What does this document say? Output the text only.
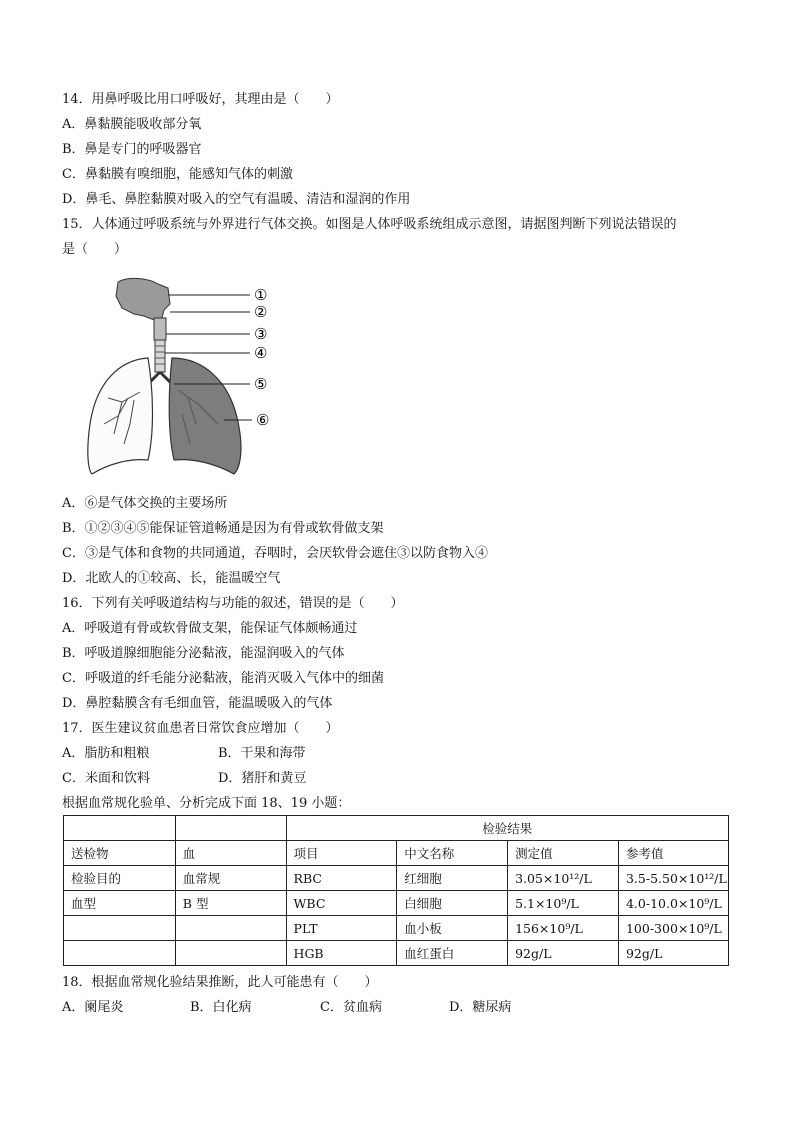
14．用鼻呼吸比用口呼吸好，其理由是（　　）
A．鼻黏膜能吸收部分氧
B．鼻是专门的呼吸器官
C．鼻黏膜有嗅细胞，能感知气体的刺激
D．鼻毛、鼻腔黏膜对吸入的空气有温暖、清洁和湿润的作用
15．人体通过呼吸系统与外界进行气体交换。如图是人体呼吸系统组成示意图，请据图判断下列说法错误的
是（　　）
①
②
③
④
⑤
⑥
A．⑥是气体交换的主要场所
B．①②③④⑤能保证管道畅通是因为有骨或软骨做支架
C．③是气体和食物的共同通道，吞咽时，会厌软骨会遮住③以防食物入④
D．北欧人的①较高、长，能温暖空气
16．下列有关呼吸道结构与功能的叙述，错误的是（　　）
A．呼吸道有骨或软骨做支架，能保证气体颇畅通过
B．呼吸道腺细胞能分泌黏液，能湿润吸入的气体
C．呼吸道的纤毛能分泌黏液，能消灭吸入气体中的细菌
D．鼻腔黏膜含有毛细血管，能温暖吸入的气体
17．医生建议贫血患者日常饮食应增加（　　）
A．脂肪和粗粮	B．干果和海带
C．米面和饮料	D．猪肝和黄豆
根据血常规化验单、分析完成下面 18、19 小题：
		检验结果			
送检物	血	项目	中文名称	测定值	参考值
检验目的	血常规	RBC	红细胞	3.05×10¹²/L	3.5-5.50×10¹²/L
血型	B 型	WBC	白细胞	5.1×10⁹/L	4.0-10.0×10⁹/L
		PLT	血小板	156×10⁹/L	100-300×10⁹/L
		HGB	血红蛋白	92g/L	92g/L
18．根据血常规化验结果推断，此人可能患有（　　）
A．阑尾炎	B．白化病	C．贫血病	D．糖尿病
